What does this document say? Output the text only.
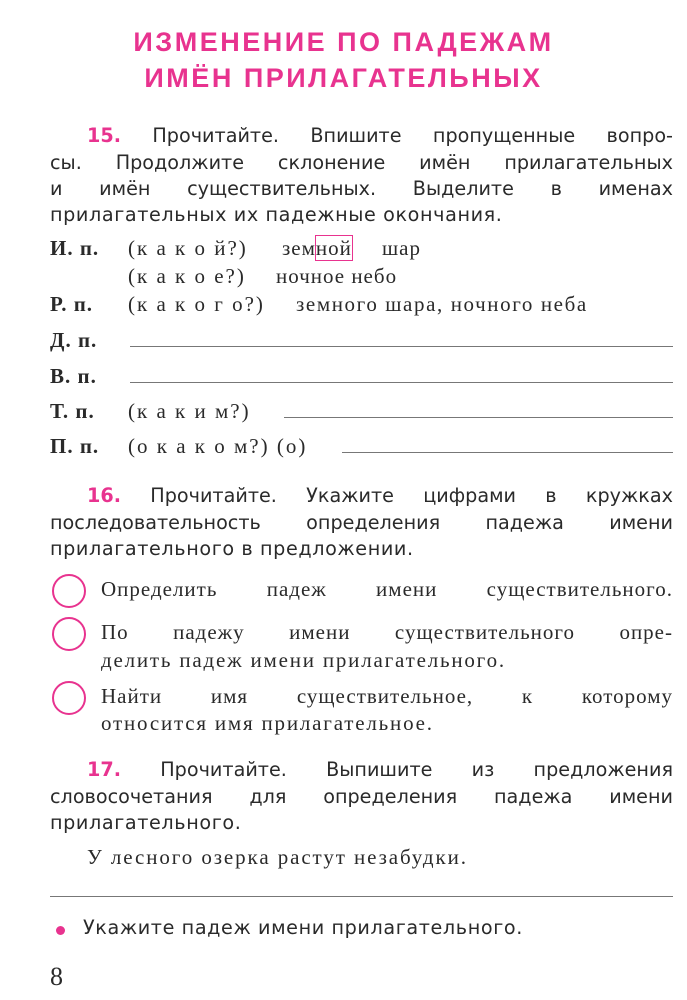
ИЗМЕНЕНИЕ ПО ПАДЕЖАМ
ИМЁН ПРИЛАГАТЕЛЬНЫХ
15. Прочитайте. Впишите пропущенные вопро-
сы. Продолжите склонение имён прилагательных
и имён существительных. Выделите в именах
прилагательных их падежные окончания.
И. п. (к а к о й?) земной шар
(к а к о е?) ночное небо
Р. п. (к а к о г о?) земного шара, ночного неба
Д. п.
В. п.
Т. п. (к а к и м?)
П. п. (о к а к о м?) (о)
16. Прочитайте. Укажите цифрами в кружках
последовательность определения падежа имени
прилагательного в предложении.
Определить падеж имени существительного.
По падежу имени существительного опре-
делить падеж имени прилагательного.
Найти имя существительное, к которому
относится имя прилагательное.
17. Прочитайте. Выпишите из предложения
словосочетания для определения падежа имени
прилагательного.
У лесного озерка растут незабудки.
Укажите падеж имени прилагательного.
8
